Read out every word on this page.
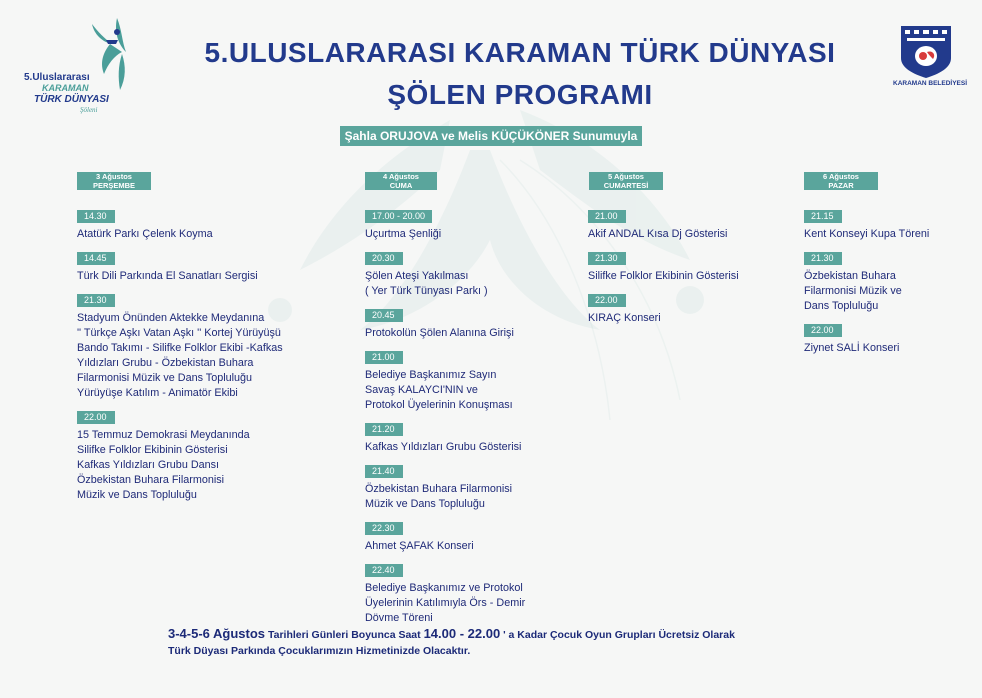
5.Uluslararası
KARAMAN
TÜRK DÜNYASI
Şöleni
KARAMAN BELEDİYESİ
5.ULUSLARARASI KARAMAN TÜRK DÜNYASI
ŞÖLEN PROGRAMI
Şahla ORUJOVA ve Melis KÜÇÜKÖNER Sunumuyla
3 Ağustos
PERŞEMBE
14.30
Atatürk Parkı Çelenk Koyma
14.45
Türk Dili Parkında El Sanatları Sergisi
21.30
Stadyum Önünden Aktekke Meydanına
'' Türkçe Aşkı Vatan Aşkı '' Kortej Yürüyüşü
Bando Takımı - Silifke Folklor Ekibi -Kafkas
Yıldızları Grubu - Özbekistan Buhara
Filarmonisi Müzik ve Dans Topluluğu
Yürüyüşe Katılım - Animatör Ekibi
22.00
15 Temmuz Demokrasi Meydanında
Silifke Folklor Ekibinin Gösterisi
Kafkas Yıldızları Grubu Dansı
Özbekistan Buhara Filarmonisi
Müzik ve Dans Topluluğu
4 Ağustos
CUMA
17.00 - 20.00
Uçurtma Şenliği
20.30
Şölen Ateşi Yakılması
( Yer Türk Tünyası Parkı )
20.45
Protokolün Şölen Alanına Girişi
21.00
Belediye Başkanımız Sayın
Savaş KALAYCI'NIN ve
Protokol Üyelerinin Konuşması
21.20
Kafkas Yıldızları Grubu Gösterisi
21.40
Özbekistan Buhara Filarmonisi
Müzik ve Dans Topluluğu
22.30
Ahmet ŞAFAK Konseri
22.40
Belediye Başkanımız ve Protokol
Üyelerinin Katılımıyla Örs - Demir
Dövme Töreni
5 Ağustos
CUMARTESİ
21.00
Akif ANDAL Kısa Dj Gösterisi
21.30
Silifke Folklor Ekibinin Gösterisi
22.00
KIRAÇ Konseri
6 Ağustos
PAZAR
21.15
Kent Konseyi Kupa Töreni
21.30
Özbekistan Buhara
Filarmonisi Müzik ve
Dans Topluluğu
22.00
Ziynet SALİ Konseri
3-4-5-6 Ağustos Tarihleri Günleri Boyunca Saat 14.00 - 22.00 ' a Kadar Çocuk Oyun Grupları Ücretsiz Olarak
Türk Düyası Parkında Çocuklarımızın Hizmetinizde Olacaktır.
